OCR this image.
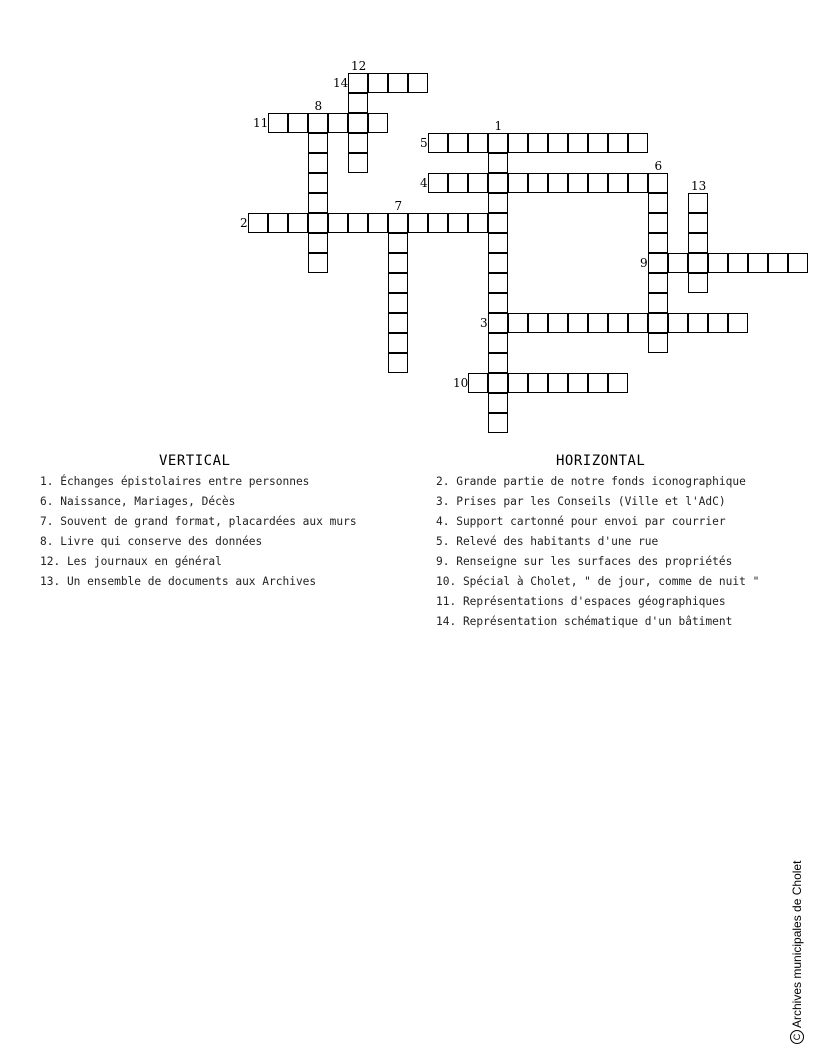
1
2
3
4
5
6
7
8
9
10
11
12
13
14
VERTICAL
1. Échanges épistolaires entre personnes
6. Naissance, Mariages, Décès
7. Souvent de grand format, placardées aux murs
8. Livre qui conserve des données
12. Les journaux en général
13. Un ensemble de documents aux Archives
HORIZONTAL
2. Grande partie de notre fonds iconographique
3. Prises par les Conseils (Ville et l'AdC)
4. Support cartonné pour envoi par courrier
5. Relevé des habitants d'une rue
9. Renseigne sur les surfaces des propriétés
10. Spécial à Cholet, " de jour, comme de nuit "
11. Représentations d'espaces géographiques
14. Représentation schématique d'un bâtiment
C
Archives municipales de Cholet
